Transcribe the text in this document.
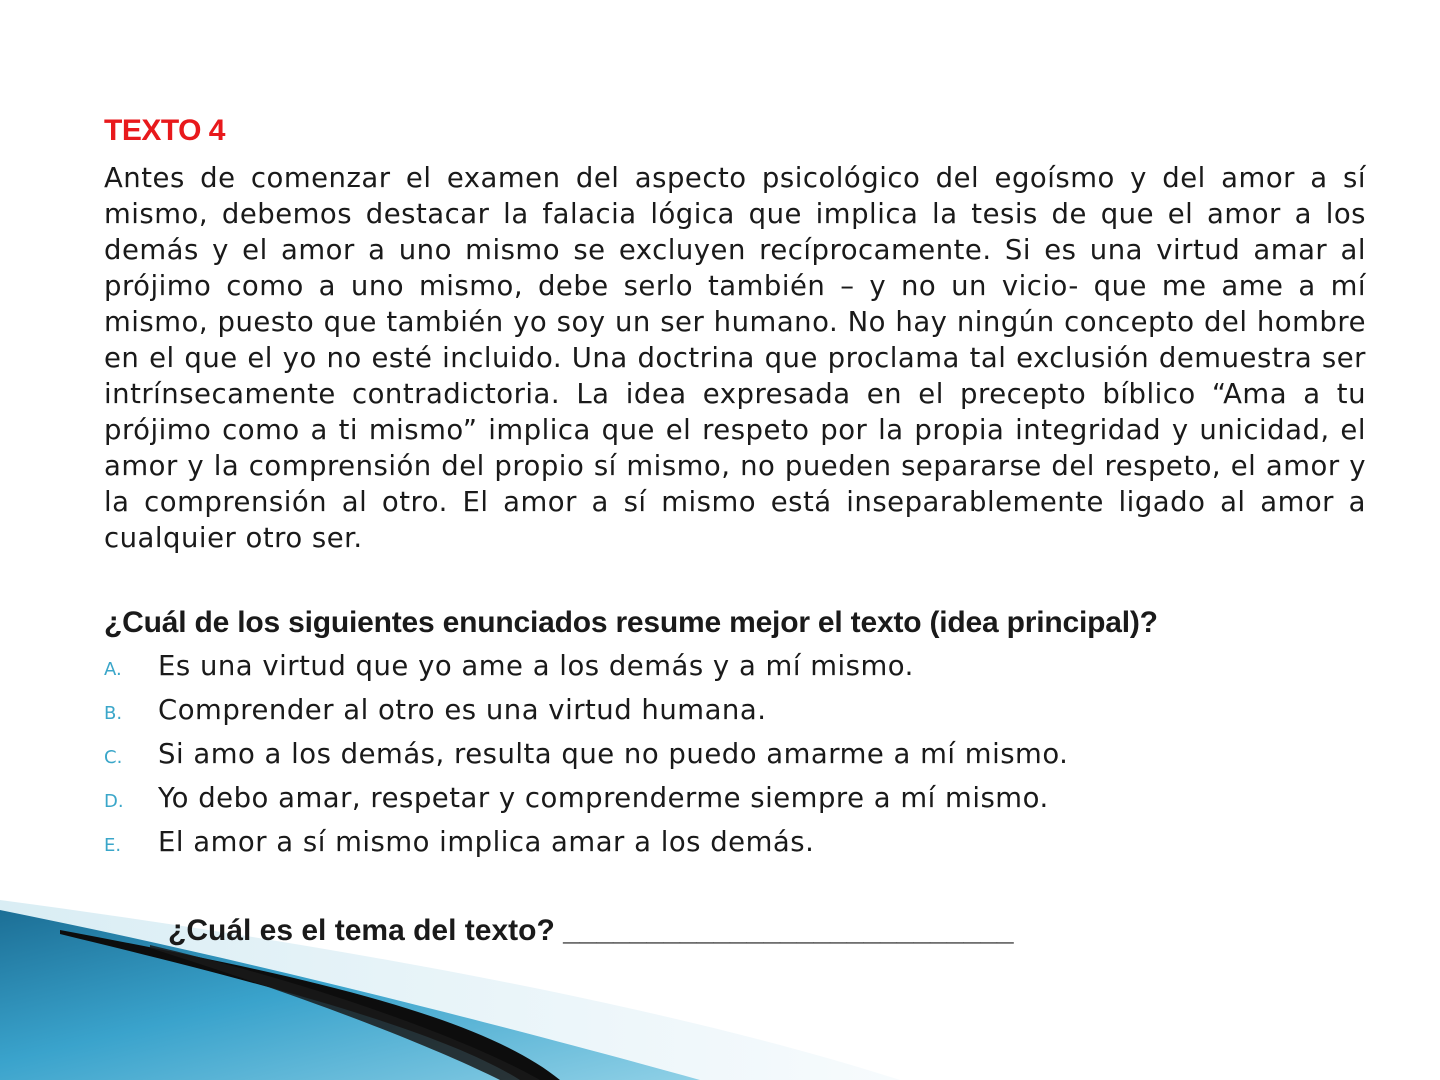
TEXTO 4

Antes de comenzar el examen del aspecto psicológico del egoísmo y del amor a sí mismo, debemos destacar la falacia lógica que implica la tesis de que el amor a los demás y el amor a uno mismo se excluyen recíprocamente. Si es una virtud amar al prójimo como a uno mismo, debe serlo también – y no un vicio- que me ame a mí mismo, puesto que también yo soy un ser humano. No hay ningún concepto del hombre en el que el yo no esté incluido. Una doctrina que proclama tal exclusión demuestra ser intrínsecamente contradictoria. La idea expresada en el precepto bíblico “Ama a tu prójimo como a ti mismo” implica que el respeto por la propia integridad y unicidad, el amor y la comprensión del propio sí mismo, no pueden separarse del respeto, el amor y la comprensión al otro. El amor a sí mismo está inseparablemente ligado al amor a cualquier otro ser.

¿Cuál de los siguientes enunciados resume mejor el texto (idea principal)?

A.	Es una virtud que yo ame a los demás y a mí mismo.
B.	Comprender al otro es una virtud humana.
C.	Si amo a los demás, resulta que no puedo amarme a mí mismo.
D.	Yo debo amar, respetar y comprenderme siempre a mí mismo.
E.	El amor a sí mismo implica amar a los demás.

¿Cuál es el tema del texto? ___________________________
